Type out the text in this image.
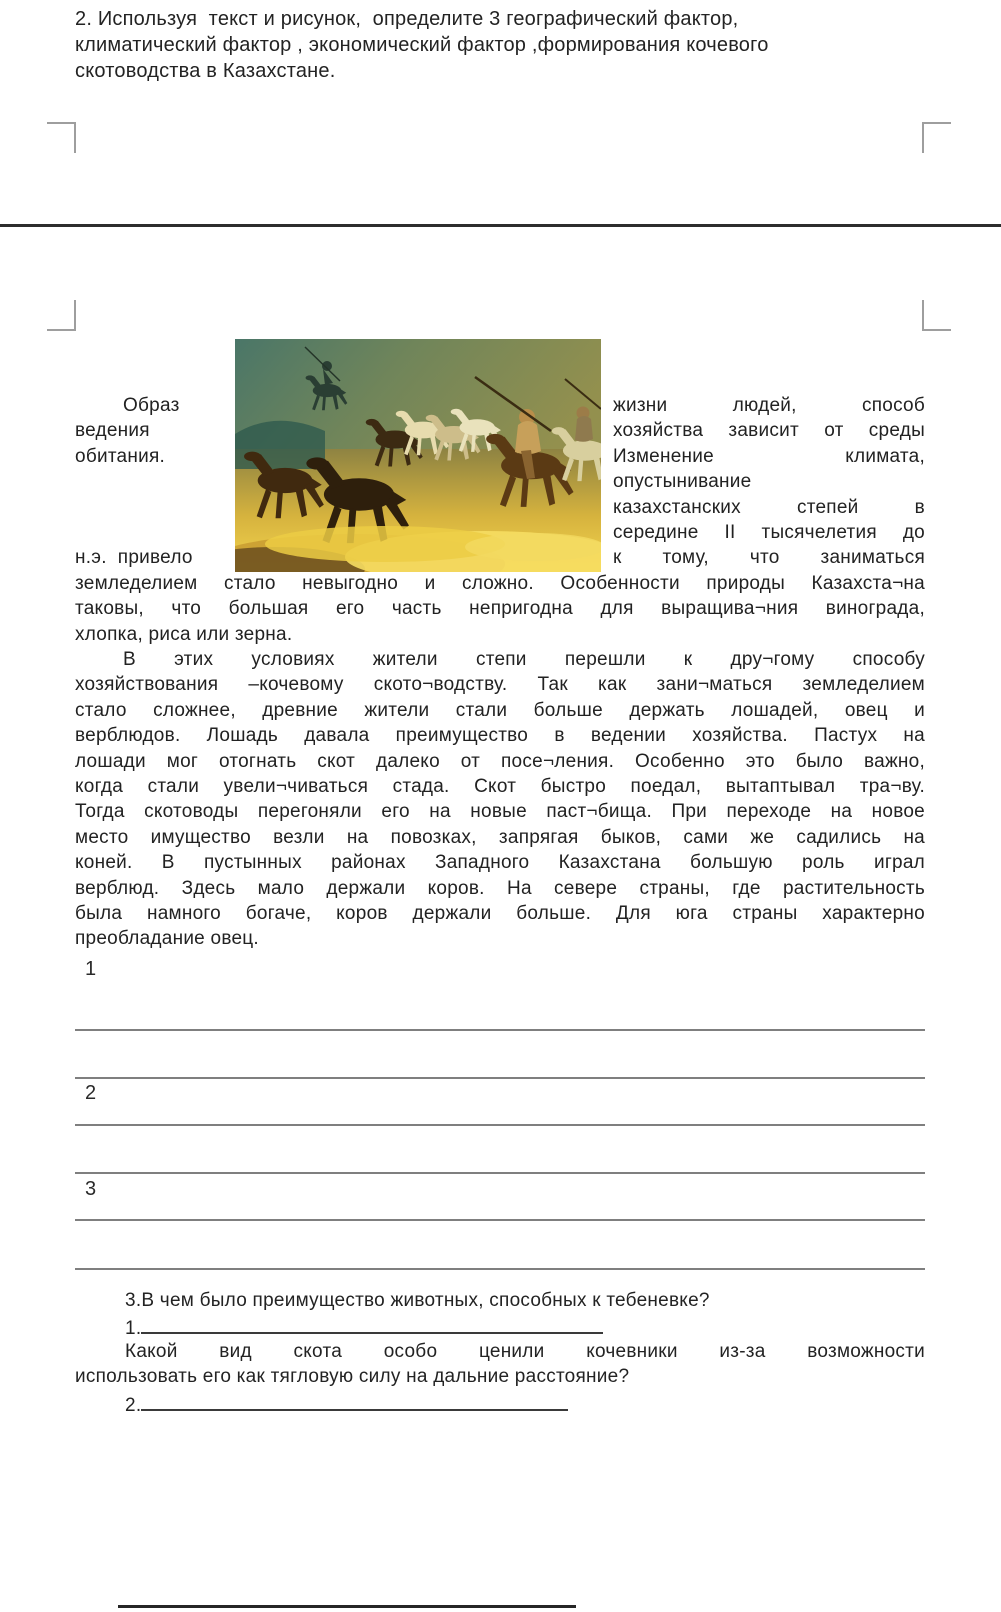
2. Используя  текст и рисунок,  определите 3 географический фактор,
климатический фактор , экономический фактор ,формирования кочевого
скотоводства в Казахстане.
Образ
ведения
обитания.
н.э.  привело
жизни людей, способ
хозяйства зависит от среды
Изменение климата,
опустынивание
казахстанских степей в
середине II тысячелетия до
к тому, что заниматься
земледелием стало невыгодно и сложно. Особенности природы Казахста¬на
таковы, что большая его часть непригодна для выращива¬ния винограда,
хлопка, риса или зерна.
В этих условиях жители степи перешли к дру¬гому способу
хозяйствования –кочевому ското¬водству. Так как зани¬маться земледелием
стало сложнее, древние жители стали больше держать лошадей, овец и
верблюдов. Лошадь давала преимущество в ведении хозяйства. Пастух на
лошади мог отогнать скот далеко от посе¬ления. Особенно это было важно,
когда стали увели¬чиваться стада. Скот быстро поедал, вытаптывал тра¬ву.
Тогда скотоводы перегоняли его на новые паст¬бища. При переходе на новое
место имущество везли на повозках, запрягая быков, сами же садились на
коней. В пустынных районах Западного Казахстана большую роль играл
верблюд. Здесь мало держали коров. На севере страны, где растительность
была намного богаче, коров держали больше. Для юга страны характерно
преобладание овец.
1
2
3
3.В чем было преимущество животных, способных к тебеневке?
1.
Какой вид скота особо ценили кочевники из-за возможности
использовать его как тягловую силу на дальние расстояние?
2.
